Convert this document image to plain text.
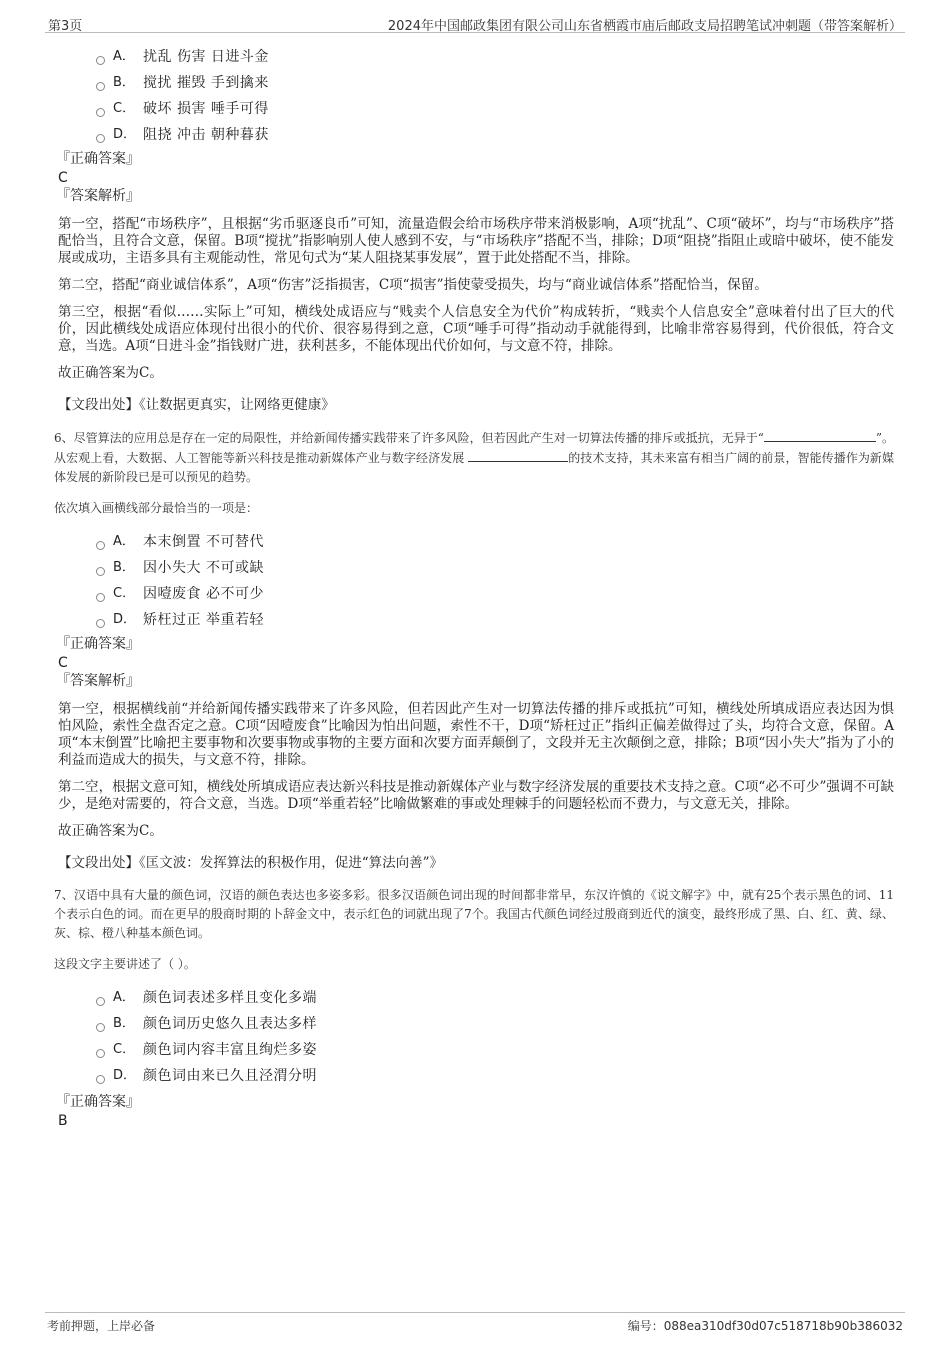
第3页	2024年中国邮政集团有限公司山东省栖霞市庙后邮政支局招聘笔试冲刺题（带答案解析）
A． 扰乱 伤害 日进斗金
B． 搅扰 摧毁 手到擒来
C． 破坏 损害 唾手可得
D． 阻挠 冲击 朝种暮获
『正确答案』
C
『答案解析』

第一空，搭配“市场秩序”，且根据“劣币驱逐良币”可知，流量造假会给市场秩序带来消极影响，A项“扰乱”、C项“破坏”，均与“市场秩序”搭配恰当，且符合文意，保留。B项“搅扰”指影响别人使人感到不安，与“市场秩序”搭配不当，排除；D项“阻挠”指阻止或暗中破坏，使不能发展或成功，主语多具有主观能动性，常见句式为“某人阻挠某事发展”，置于此处搭配不当，排除。

第二空，搭配“商业诚信体系”，A项“伤害”泛指损害，C项“损害”指使蒙受损失，均与“商业诚信体系”搭配恰当，保留。

第三空，根据“看似……实际上”可知，横线处成语应与“贱卖个人信息安全为代价”构成转折，“贱卖个人信息安全”意味着付出了巨大的代价，因此横线处成语应体现付出很小的代价、很容易得到之意，C项“唾手可得”指动动手就能得到，比喻非常容易得到，代价很低，符合文意，当选。A项“日进斗金”指钱财广进，获利甚多，不能体现出代价如何，与文意不符，排除。

故正确答案为C。

【文段出处】《让数据更真实，让网络更健康》
6、尽管算法的应用总是存在一定的局限性，并给新闻传播实践带来了许多风险，但若因此产生对一切算法传播的排斥或抵抗，无异于“	”。从宏观上看，大数据、人工智能等新兴科技是推动新媒体产业与数字经济发展	的技术支持，其未来富有相当广阔的前景，智能传播作为新媒体发展的新阶段已是可以预见的趋势。
依次填入画横线部分最恰当的一项是：
A． 本末倒置 不可替代
B． 因小失大 不可或缺
C． 因噎废食 必不可少
D． 矫枉过正 举重若轻
『正确答案』
C
『答案解析』

第一空，根据横线前“并给新闻传播实践带来了许多风险，但若因此产生对一切算法传播的排斥或抵抗”可知，横线处所填成语应表达因为惧怕风险，索性全盘否定之意。C项“因噎废食”比喻因为怕出问题，索性不干，D项“矫枉过正”指纠正偏差做得过了头，均符合文意，保留。A项“本末倒置”比喻把主要事物和次要事物或事物的主要方面和次要方面弄颠倒了，文段并无主次颠倒之意，排除；B项“因小失大”指为了小的利益而造成大的损失，与文意不符，排除。

第二空，根据文意可知，横线处所填成语应表达新兴科技是推动新媒体产业与数字经济发展的重要技术支持之意。C项“必不可少”强调不可缺少，是绝对需要的，符合文意，当选。D项“举重若轻”比喻做繁难的事或处理棘手的问题轻松而不费力，与文意无关，排除。

故正确答案为C。

【文段出处】《匡文波：发挥算法的积极作用，促进“算法向善”》
7、汉语中具有大量的颜色词，汉语的颜色表达也多姿多彩。很多汉语颜色词出现的时间都非常早，东汉许慎的《说文解字》中，就有25个表示黑色的词、11个表示白色的词。而在更早的殷商时期的卜辞金文中，表示红色的词就出现了7个。我国古代颜色词经过殷商到近代的演变，最终形成了黑、白、红、黄、绿、灰、棕、橙八种基本颜色词。
这段文字主要讲述了（ ）。
A． 颜色词表述多样且变化多端
B． 颜色词历史悠久且表达多样
C． 颜色词内容丰富且绚烂多姿
D． 颜色词由来已久且泾渭分明
『正确答案』
B
考前押题，上岸必备	编号：088ea310df30d07c518718b90b386032
